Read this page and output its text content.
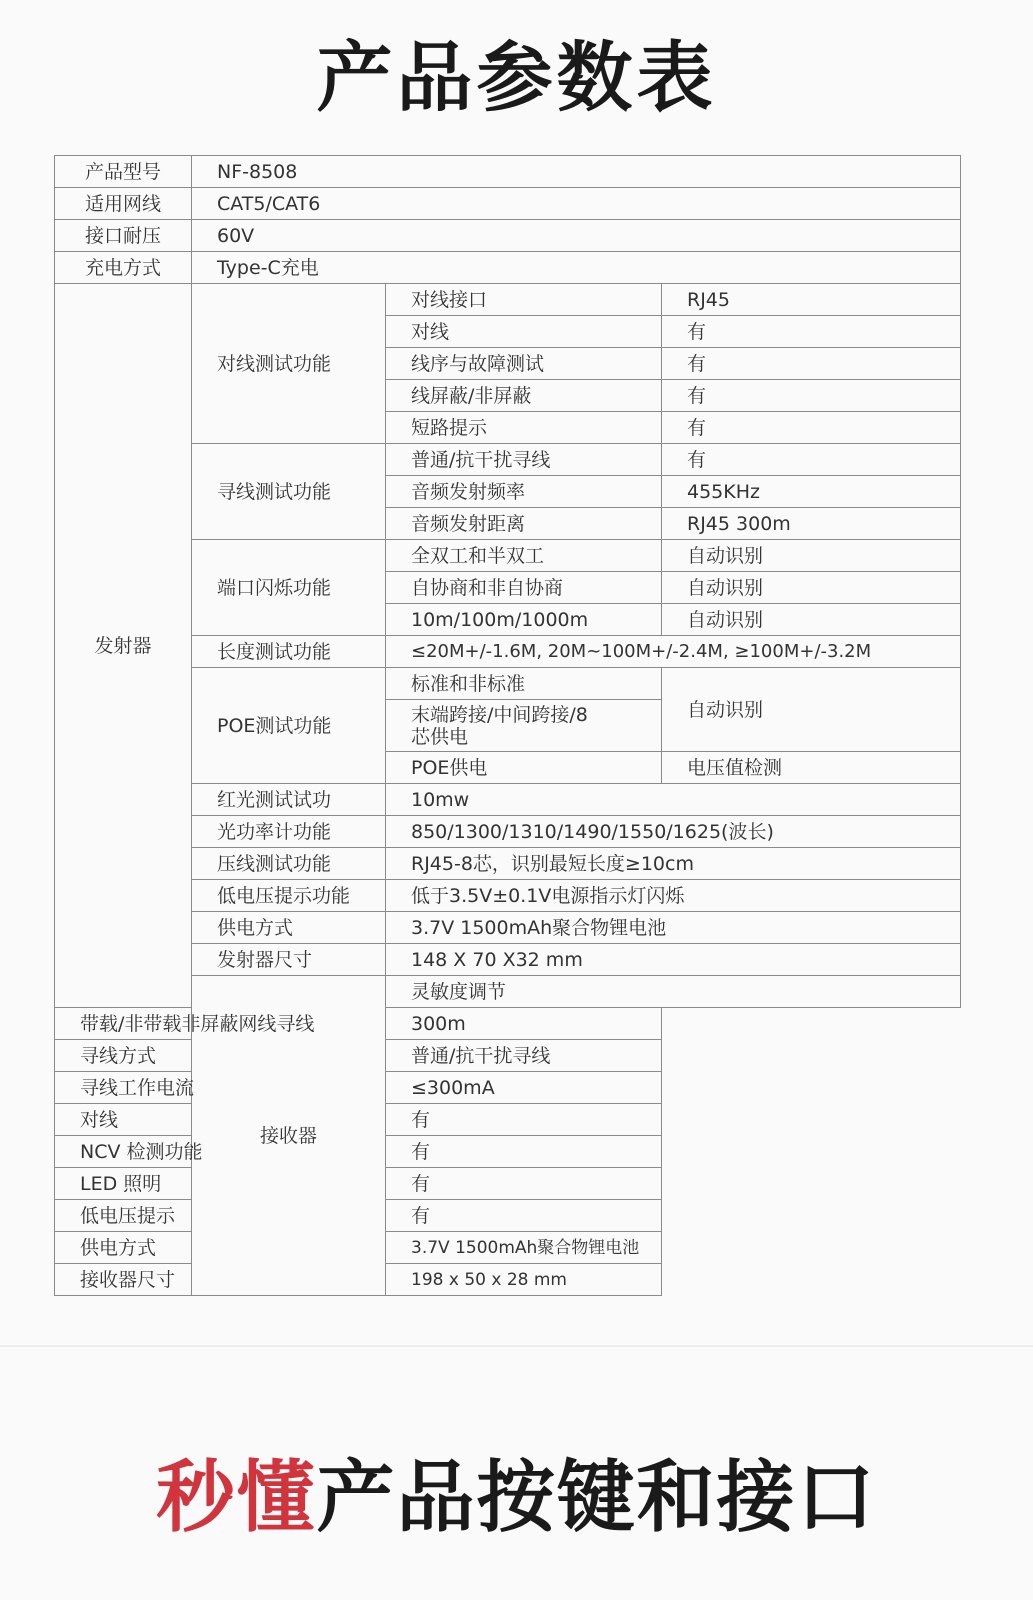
产品参数表
产品型号	NF-8508			
适用网线	CAT5/CAT6			
接口耐压	60V			
充电方式	Type-C充电			
发射器	对线测试功能	对线接口	RJ45	
		对线	有	
		线序与故障测试	有	
		线屏蔽/非屏蔽	有	
		短路提示	有	
	寻线测试功能	普通/抗干扰寻线	有	
		音频发射频率	455KHz	
		音频发射距离	RJ45 300m	
	端口闪烁功能	全双工和半双工	自动识别	
		自协商和非自协商	自动识别	
		10m/100m/1000m	自动识别	
	长度测试功能	≤20M+/-1.6M, 20M~100M+/-2.4M, ≥100M+/-3.2M		
	POE测试功能	标准和非标准	自动识别	
		末端跨接/中间跨接/8芯供电		
		POE供电	电压值检测	
	红光测试试功	10mw		
	光功率计功能	850/1300/1310/1490/1550/1625(波长)		
	压线测试功能	RJ45-8芯，识别最短长度≥10cm		
	低电压提示功能	低于3.5V±0.1V电源指示灯闪烁		
	供电方式	3.7V 1500mAh聚合物锂电池		
	发射器尺寸	148 X 70 X32 mm		
	接收器	灵敏度调节	
带载/非带载非屏蔽网线寻线		300m		
寻线方式		普通/抗干扰寻线		
寻线工作电流		≤300mA		
对线		有		
NCV 检测功能		有		
LED 照明		有		
低电压提示		有		
供电方式		3.7V 1500mAh聚合物锂电池		
接收器尺寸		198 x 50 x 28 mm		
秒懂产品按键和接口
